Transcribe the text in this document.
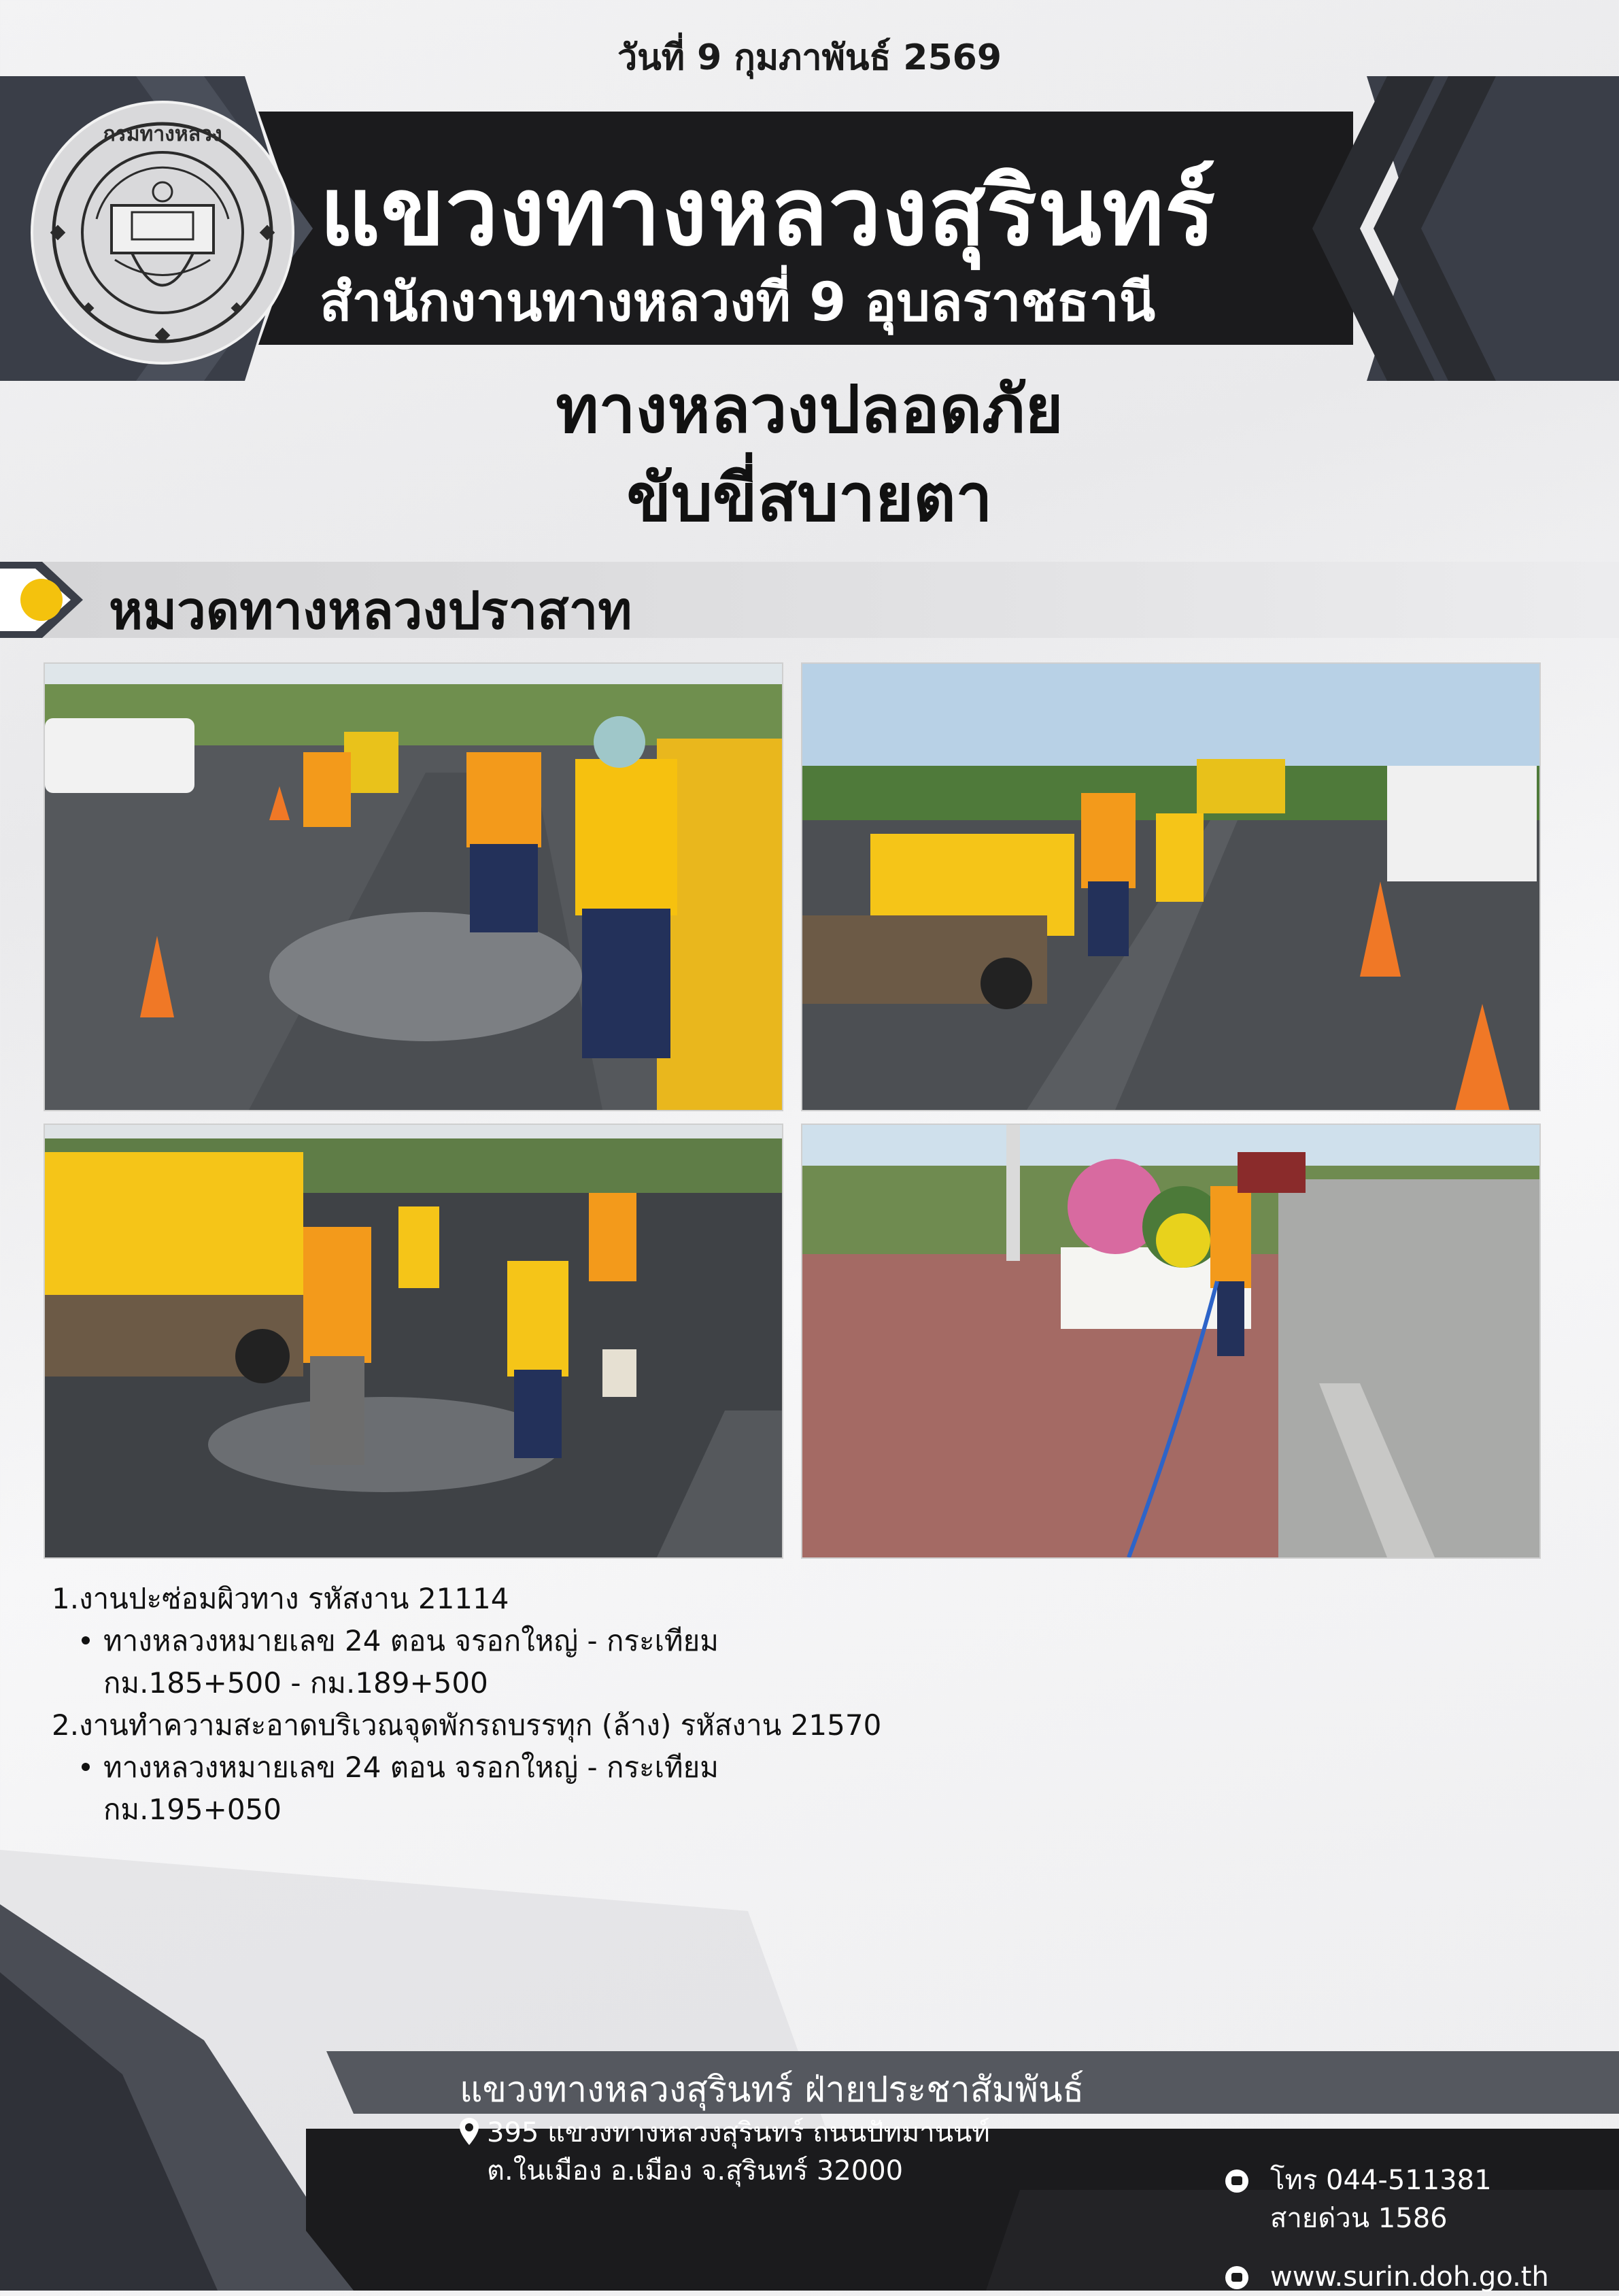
วันที่ 9 กุมภาพันธ์ 2569
แขวงทางหลวงสุรินทร์
สำนักงานทางหลวงที่ 9 อุบลราชธานี
กรมทางหลวง
ทางหลวงปลอดภัย
ขับขี่สบายตา
หมวดทางหลวงปราสาท
1.งานปะซ่อมผิวทาง รหัสงาน 21114
ทางหลวงหมายเลข 24 ตอน จรอกใหญ่ - กระเทียม
กม.185+500 - กม.189+500
2.งานทำความสะอาดบริเวณจุดพักรถบรรทุก (ล้าง) รหัสงาน 21570
ทางหลวงหมายเลข 24 ตอน จรอกใหญ่ - กระเทียม
กม.195+050
แขวงทางหลวงสุรินทร์ ฝ่ายประชาสัมพันธ์
395 แขวงทางหลวงสุรินทร์ ถนนปัทมานนท์
ต.ในเมือง อ.เมือง จ.สุรินทร์ 32000	โทร 044-511381
สายด่วน 1586
www.surin.doh.go.th
